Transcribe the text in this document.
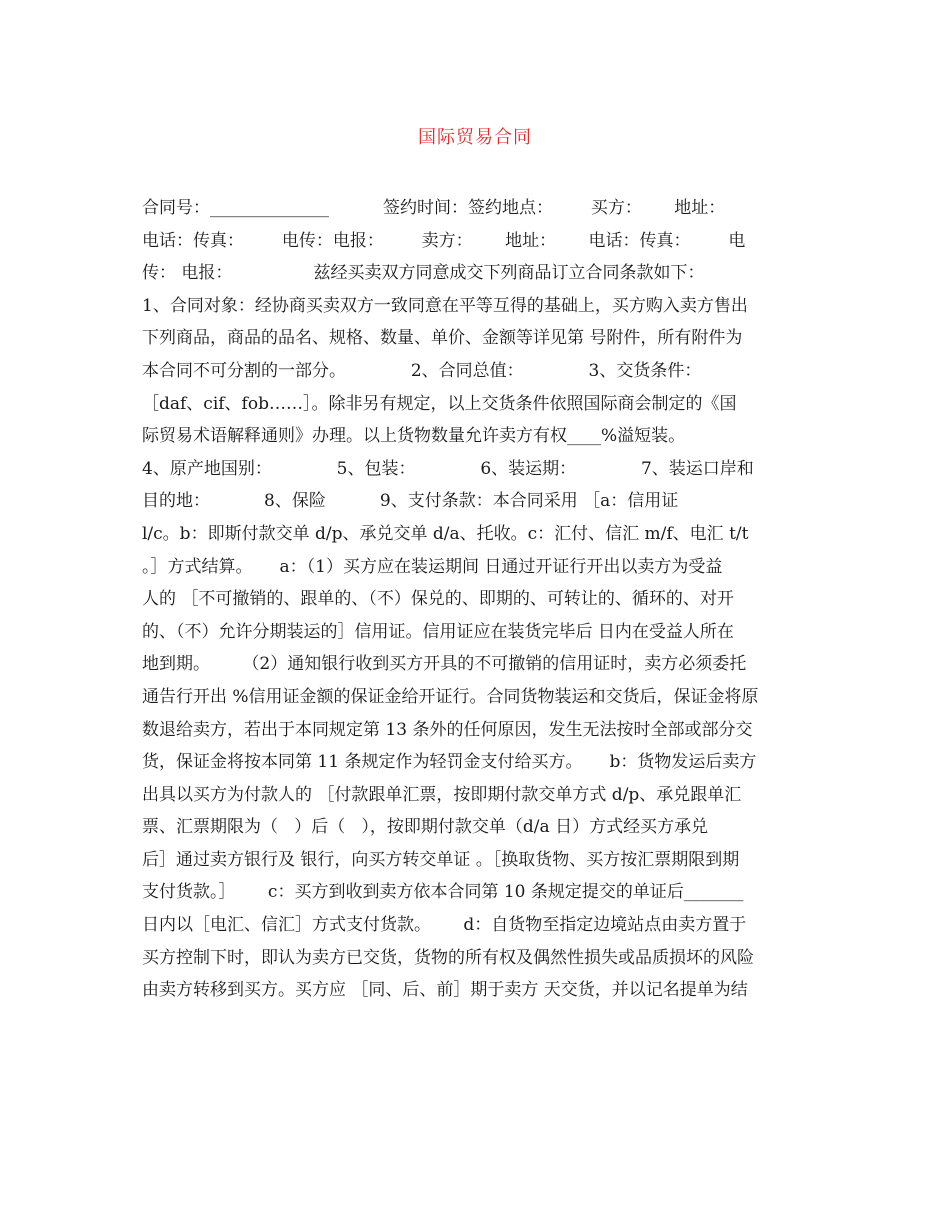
国际贸易合同
合同号：______________          签约时间：签约地点：       买方：      地址：
电话：传真：       电传：电报：       卖方：      地址：      电话：传真：       电
传： 电报：               兹经买卖双方同意成交下列商品订立合同条款如下：
1、合同对象：经协商买卖双方一致同意在平等互得的基础上，买方购入卖方售出
下列商品，商品的品名、规格、数量、单价、金额等详见第 号附件，所有附件为
本合同不可分割的一部分。            2、合同总值：            3、交货条件：
［daf、cif、fob……］。除非另有规定，以上交货条件依照国际商会制定的《国
际贸易术语解释通则》办理。以上货物数量允许卖方有权____%溢短装。
4、原产地国别：            5、包装：            6、装运期：            7、装运口岸和
目的地：          8、保险          9、支付条款：本合同采用 ［a：信用证
l/c。b：即斯付款交单 d/p、承兑交单 d/a、托收。c：汇付、信汇 m/f、电汇 t/t
。］方式结算。     a：（1）买方应在装运期间 日通过开证行开出以卖方为受益
人的 ［不可撤销的、跟单的、（不）保兑的、即期的、可转让的、循环的、对开
的、（不）允许分期装运的］信用证。信用证应在装货完毕后 日内在受益人所在
地到期。      （2）通知银行收到买方开具的不可撤销的信用证时，卖方必须委托
通告行开出 %信用证金额的保证金给开证行。合同货物装运和交货后，保证金将原
数退给卖方，若出于本同规定第 13 条外的任何原因，发生无法按时全部或部分交
货，保证金将按本同第 11 条规定作为轻罚金支付给买方。     b：货物发运后卖方
出具以买方为付款人的 ［付款跟单汇票，按即期付款交单方式 d/p、承兑跟单汇
票、汇票期限为（   ）后（   ），按即期付款交单（d/a 日）方式经买方承兑
后］通过卖方银行及 银行，向买方转交单证 。［换取货物、买方按汇票期限到期
支付货款。］      c：买方到收到卖方依本合同第 10 条规定提交的单证后_______
日内以［电汇、信汇］方式支付货款。      d：自货物至指定边境站点由卖方置于
买方控制下时，即认为卖方已交货，货物的所有权及偶然性损失或品质损坏的风险
由卖方转移到买方。买方应 ［同、后、前］期于卖方 天交货，并以记名提单为结
